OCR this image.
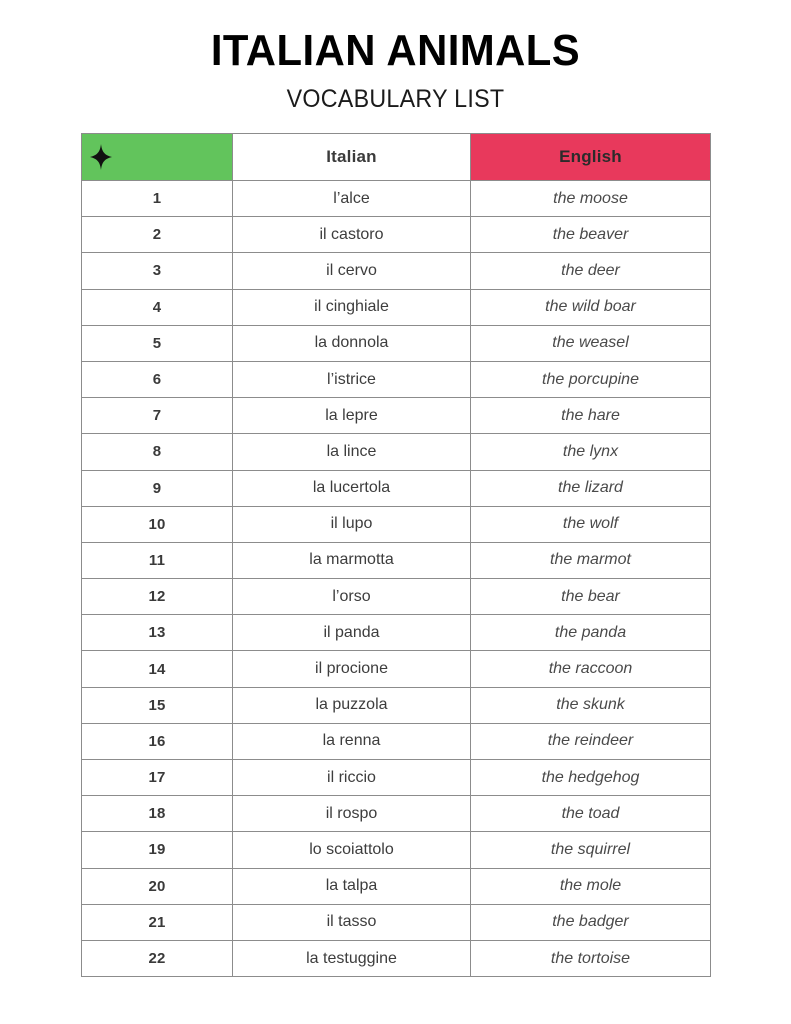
ITALIAN ANIMALS
VOCABULARY LIST
	Italian	English
1	l’alce	the moose
2	il castoro	the beaver
3	il cervo	the deer
4	il cinghiale	the wild boar
5	la donnola	the weasel
6	l’istrice	the porcupine
7	la lepre	the hare
8	la lince	the lynx
9	la lucertola	the lizard
10	il lupo	the wolf
11	la marmotta	the marmot
12	l’orso	the bear
13	il panda	the panda
14	il procione	the raccoon
15	la puzzola	the skunk
16	la renna	the reindeer
17	il riccio	the hedgehog
18	il rospo	the toad
19	lo scoiattolo	the squirrel
20	la talpa	the mole
21	il tasso	the badger
22	la testuggine	the tortoise
